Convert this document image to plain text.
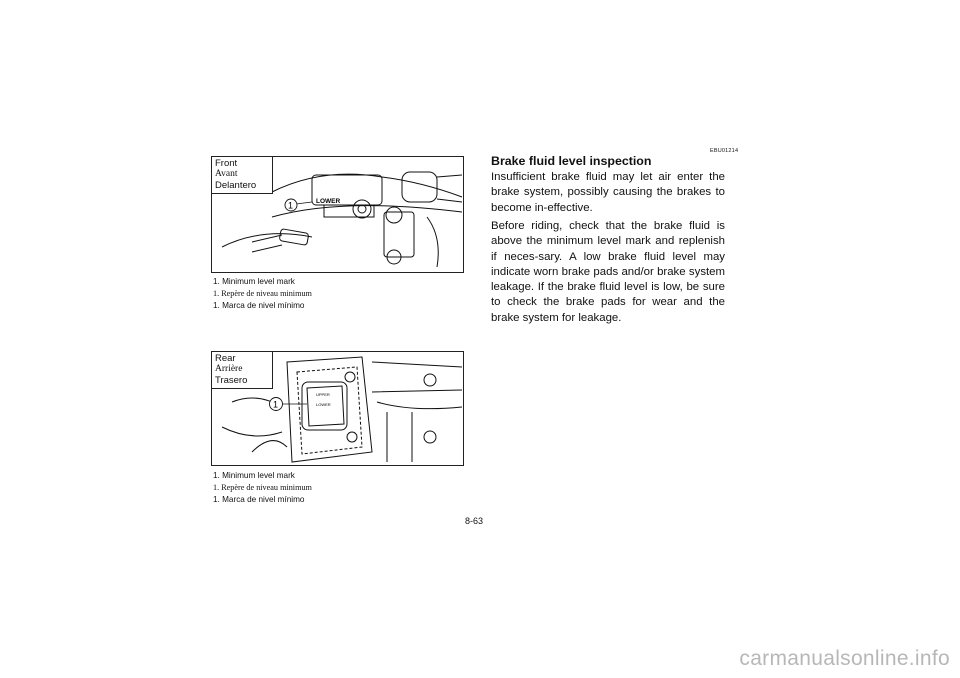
1	LOWER
Front
Avant
Delantero
1. Minimum level mark
1. Repère de niveau minimum
1. Marca de nivel mínimo
1
UPPER
LOWER
Rear
Arrière
Trasero
1. Minimum level mark
1. Repère de niveau minimum
1. Marca de nivel mínimo
EBU01214
Brake fluid level inspection

Insufficient brake fluid may let air enter the brake system, possibly causing the brakes to become in-effective.

Before riding, check that the brake fluid is above the minimum level mark and replenish if neces-sary. A low brake fluid level may indicate worn brake pads and/or brake system leakage. If the brake fluid level is low, be sure to check the brake pads for wear and the brake system for leakage.

8-63
carmanualsonline.info
